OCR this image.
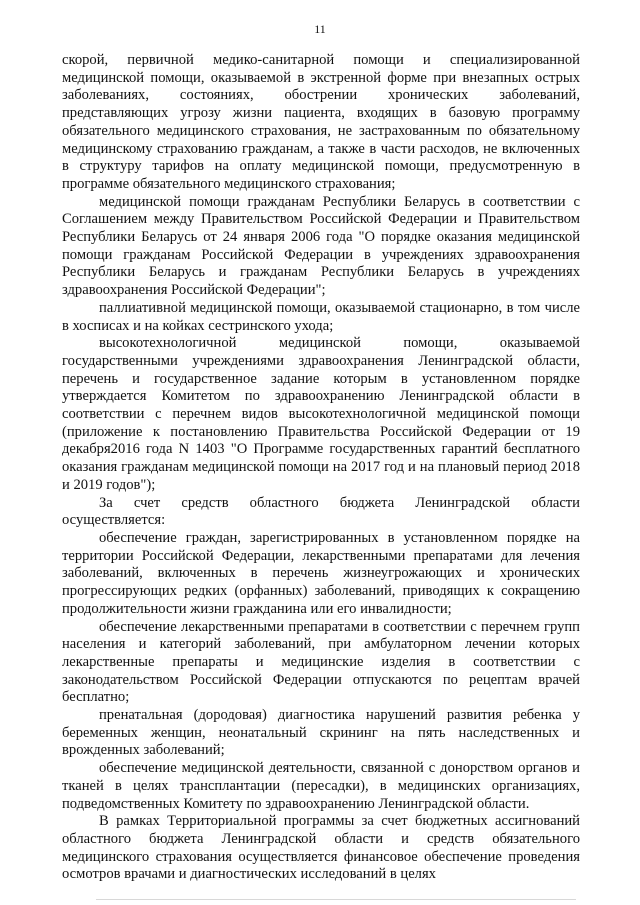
11

скорой, первичной медико-санитарной помощи и специализированной медицинской помощи, оказываемой в экстренной форме при внезапных острых заболеваниях, состояниях, обострении хронических заболеваний, представляющих угрозу жизни пациента, входящих в базовую программу обязательного медицинского страхования, не застрахованным по обязательному медицинскому страхованию гражданам, а также в части расходов, не включенных в структуру тарифов на оплату медицинской помощи, предусмотренную в программе обязательного медицинского страхования;

медицинской помощи гражданам Республики Беларусь в соответствии с Соглашением между Правительством Российской Федерации и Правительством Республики Беларусь от 24 января 2006 года "О порядке оказания медицинской помощи гражданам Российской Федерации в учреждениях здравоохранения Республики Беларусь и гражданам Республики Беларусь в учреждениях здравоохранения Российской Федерации";

паллиативной медицинской помощи, оказываемой стационарно, в том числе в хосписах и на койках сестринского ухода;

высокотехнологичной медицинской помощи, оказываемой государственными учреждениями здравоохранения Ленинградской области, перечень и государственное задание которым в установленном порядке утверждается Комитетом по здравоохранению Ленинградской области в соответствии с перечнем видов высокотехнологичной медицинской помощи (приложение к постановлению Правительства Российской Федерации от 19 декабря2016 года N 1403 "О Программе государственных гарантий бесплатного оказания гражданам медицинской помощи на 2017 год и на плановый период 2018 и 2019 годов");

За счет средств областного бюджета Ленинградской области осуществляется:

обеспечение граждан, зарегистрированных в установленном порядке на территории Российской Федерации, лекарственными препаратами для лечения заболеваний, включенных в перечень жизнеугрожающих и хронических прогрессирующих редких (орфанных) заболеваний, приводящих к сокращению продолжительности жизни гражданина или его инвалидности;

обеспечение лекарственными препаратами в соответствии с перечнем групп населения и категорий заболеваний, при амбулаторном лечении которых лекарственные препараты и медицинские изделия в соответствии с законодательством Российской Федерации отпускаются по рецептам врачей бесплатно;

пренатальная (дородовая) диагностика нарушений развития ребенка у беременных женщин, неонатальный скрининг на пять наследственных и врожденных заболеваний;

обеспечение медицинской деятельности, связанной с донорством органов и тканей в целях трансплантации (пересадки), в медицинских организациях, подведомственных Комитету по здравоохранению Ленинградской области.

В рамках Территориальной программы за счет бюджетных ассигнований областного бюджета Ленинградской области и средств обязательного медицинского страхования осуществляется финансовое обеспечение проведения осмотров врачами и диагностических исследований в целях
